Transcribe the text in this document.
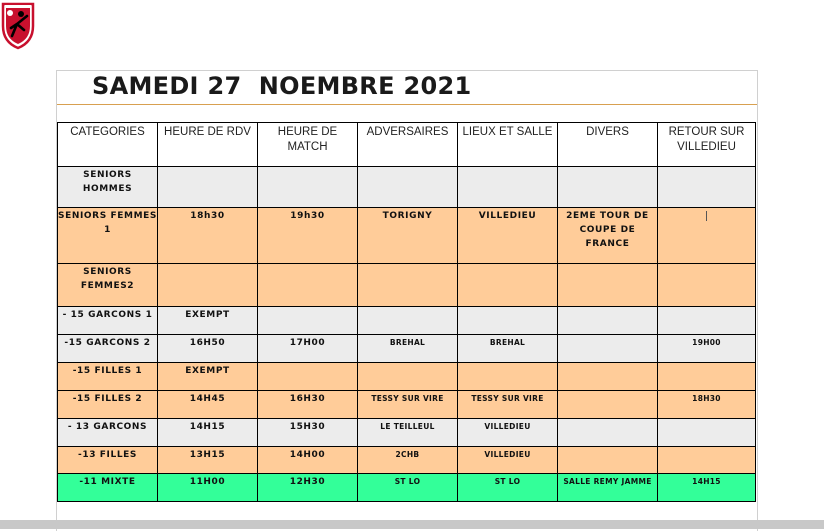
SAMEDI 27  NOEMBRE 2021
CATEGORIES	HEURE DE RDV	HEURE DE MATCH	ADVERSAIRES	LIEUX ET SALLE	DIVERS	RETOUR SUR VILLEDIEU
SENIORS HOMMES						
SENIORS FEMMES 1	18h30	19h30	TORIGNY	VILLEDIEU	2EME TOUR DE COUPE DE FRANCE	
SENIORS FEMMES2						
- 15 GARCONS 1	EXEMPT					
-15 GARCONS 2	16H50	17H00	BREHAL	BREHAL		19H00
-15 FILLES 1	EXEMPT					
-15 FILLES 2	14H45	16H30	TESSY SUR VIRE	TESSY SUR VIRE		18H30
- 13 GARCONS	14H15	15H30	LE TEILLEUL	VILLEDIEU		
-13 FILLES	13H15	14H00	2CHB	VILLEDIEU		
-11 MIXTE	11H00	12H30	ST LO	ST LO	SALLE REMY JAMME	14H15
